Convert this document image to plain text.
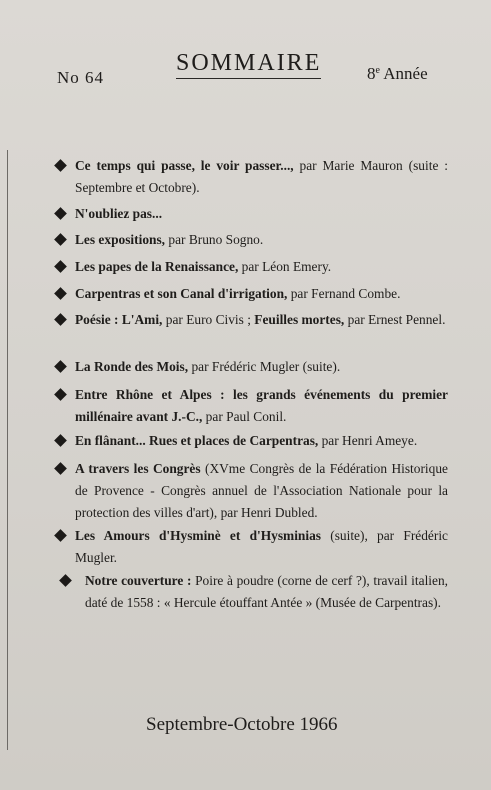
No 64
SOMMAIRE	8e Année
Ce temps qui passe, le voir passer..., par Marie Mauron (suite : Septembre et Octobre).
N'oubliez pas...
Les expositions, par Bruno Sogno.
Les papes de la Renaissance, par Léon Emery.
Carpentras et son Canal d'irrigation, par Fernand Combe.
Poésie : L'Ami, par Euro Civis ; Feuilles mortes, par Ernest Pennel.
La Ronde des Mois, par Frédéric Mugler (suite).
Entre Rhône et Alpes : les grands événements du premier millénaire avant J.-C., par Paul Conil.
En flânant... Rues et places de Carpentras, par Henri Ameye.
A travers les Congrès (XVme Congrès de la Fédération Historique de Provence - Congrès annuel de l'Association Nationale pour la protection des villes d'art), par Henri Dubled.
Les Amours d'Hysminè et d'Hysminias (suite), par Frédéric Mugler.
Notre couverture : Poire à poudre (corne de cerf ?), travail italien, daté de 1558 : « Hercule étouffant Antée » (Musée de Carpentras).
Septembre-Octobre 1966
